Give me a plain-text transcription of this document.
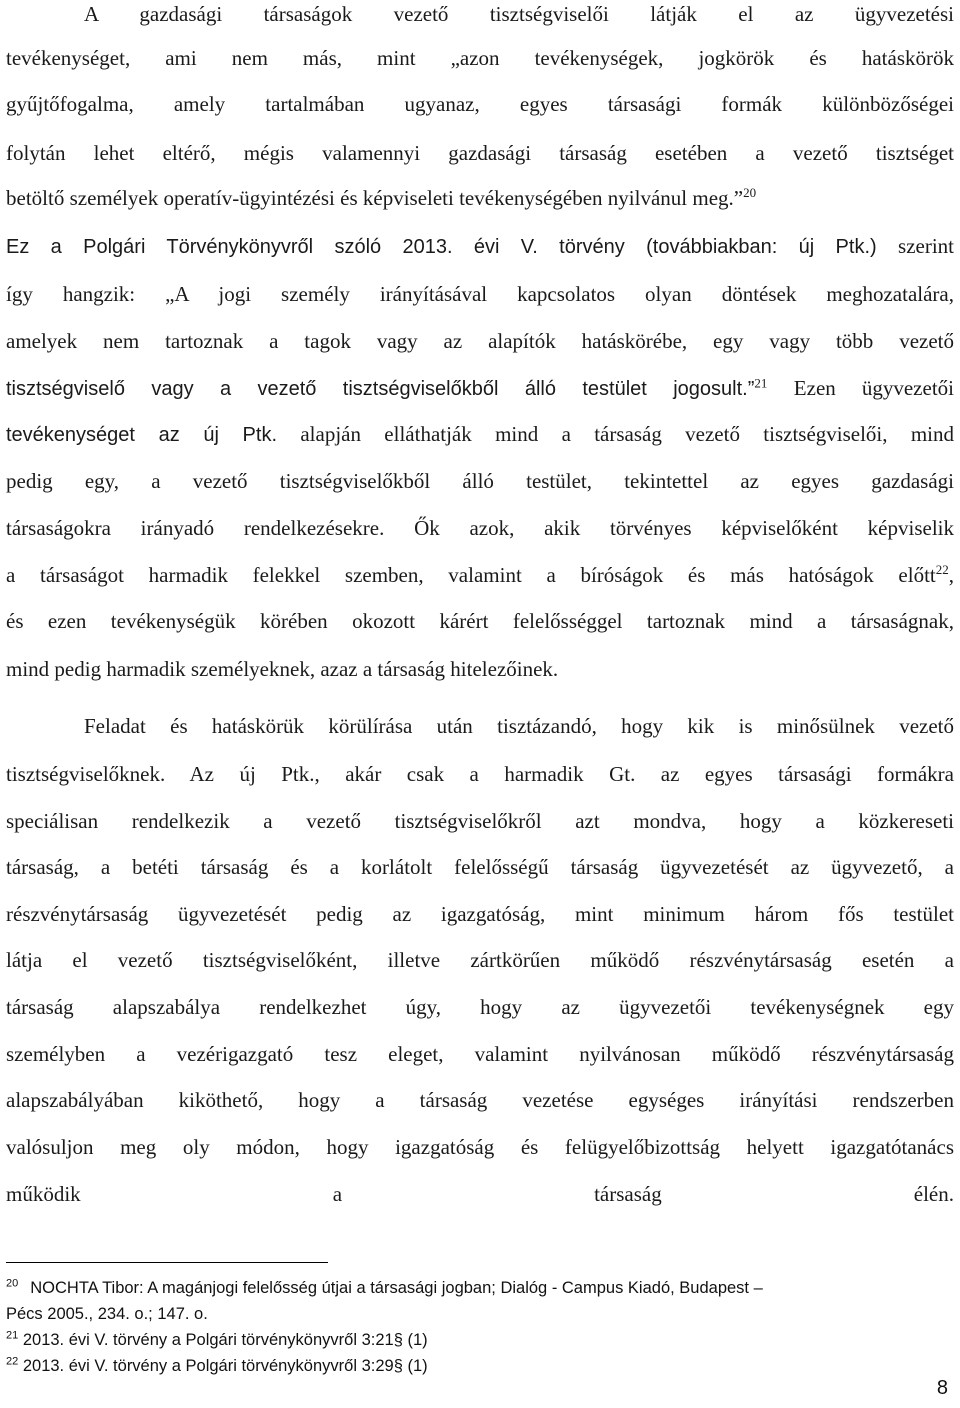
A gazdasági társaságok vezető tisztségviselői látják el az ügyvezetési
tevékenységet, ami nem más, mint „azon tevékenységek, jogkörök és hatáskörök
gyűjtőfogalma, amely tartalmában ugyanaz, egyes társasági formák különbözőségei
folytán lehet eltérő, mégis valamennyi gazdasági társaság esetében a vezető tisztséget
betöltő személyek operatív-ügyintézési és képviseleti tevékenységében nyilvánul meg.”$^{20}$
Ez a Polgári Törvénykönyvről szóló 2013. évi V. törvény (továbbiakban: új Ptk.) szerint
így hangzik: „A jogi személy irányításával kapcsolatos olyan döntések meghozatalára,
amelyek nem tartoznak a tagok vagy az alapítók hatáskörébe, egy vagy több vezető
tisztségviselő vagy a vezető tisztségviselőkből álló testület jogosult.”$^{21}$ Ezen ügyvezetői
tevékenységet az új Ptk. alapján elláthatják mind a társaság vezető tisztségviselői, mind
pedig egy, a vezető tisztségviselőkből álló testület, tekintettel az egyes gazdasági
társaságokra irányadó rendelkezésekre. Ők azok, akik törvényes képviselőként képviselik
a társaságot harmadik felekkel szemben, valamint a bíróságok és más hatóságok előtt$^{22}$,
és ezen tevékenységük körében okozott kárért felelősséggel tartoznak mind a társaságnak,
mind pedig harmadik személyeknek, azaz a társaság hitelezőinek.
Feladat és hatáskörük körülírása után tisztázandó, hogy kik is minősülnek vezető
tisztségviselőknek. Az új Ptk., akár csak a harmadik Gt. az egyes társasági formákra
speciálisan rendelkezik a vezető tisztségviselőkről azt mondva, hogy a közkereseti
társaság, a betéti társaság és a korlátolt felelősségű társaság ügyvezetését az ügyvezető, a
részvénytársaság ügyvezetését pedig az igazgatóság, mint minimum három fős testület
látja el vezető tisztségviselőként, illetve zártkörűen működő részvénytársaság esetén a
társaság alapszabálya rendelkezhet úgy, hogy az ügyvezetői tevékenységnek egy
személyben a vezérigazgató tesz eleget, valamint nyilvánosan működő részvénytársaság
alapszabályában kiköthető, hogy a társaság vezetése egységes irányítási rendszerben
valósuljon meg oly módon, hogy igazgatóság és felügyelőbizottság helyett igazgatótanács
működik a társaság élén.
$^{20}$ NOCHTA Tibor: A magánjogi felelősség útjai a társasági jogban; Dialóg - Campus Kiadó, Budapest –
Pécs 2005., 234. o.; 147. o.
$^{21}$ 2013. évi V. törvény a Polgári törvénykönyvről 3:21§ (1)
$^{22}$ 2013. évi V. törvény a Polgári törvénykönyvről 3:29§ (1)
8
